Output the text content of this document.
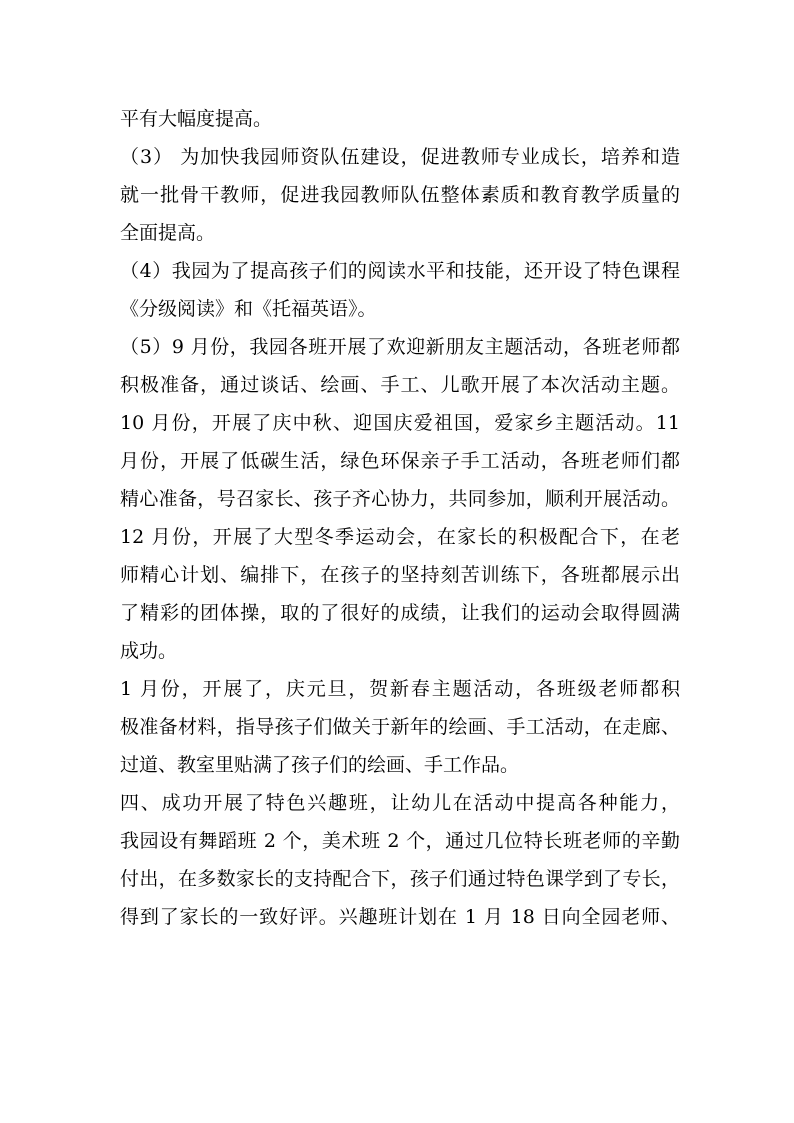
平有大幅度提高。
（3） 为加快我园师资队伍建设，促进教师专业成长，培养和造
就一批骨干教师，促进我园教师队伍整体素质和教育教学质量的
全面提高。
（4）我园为了提高孩子们的阅读水平和技能，还开设了特色课程
《分级阅读》和《托福英语》。
（5）9 月份，我园各班开展了欢迎新朋友主题活动，各班老师都
积极准备，通过谈话、绘画、手工、儿歌开展了本次活动主题。
10 月份，开展了庆中秋、迎国庆爱祖国，爱家乡主题活动。11
月份，开展了低碳生活，绿色环保亲子手工活动，各班老师们都
精心准备，号召家长、孩子齐心协力，共同参加，顺利开展活动。
12 月份，开展了大型冬季运动会，在家长的积极配合下，在老
师精心计划、编排下，在孩子的坚持刻苦训练下，各班都展示出
了精彩的团体操，取的了很好的成绩，让我们的运动会取得圆满
成功。
1 月份，开展了，庆元旦，贺新春主题活动，各班级老师都积
极准备材料，指导孩子们做关于新年的绘画、手工活动，在走廊、
过道、教室里贴满了孩子们的绘画、手工作品。
四、成功开展了特色兴趣班，让幼儿在活动中提高各种能力，
我园设有舞蹈班 2 个，美术班 2 个，通过几位特长班老师的辛勤
付出，在多数家长的支持配合下，孩子们通过特色课学到了专长，
得到了家长的一致好评。兴趣班计划在 1 月 18 日向全园老师、
